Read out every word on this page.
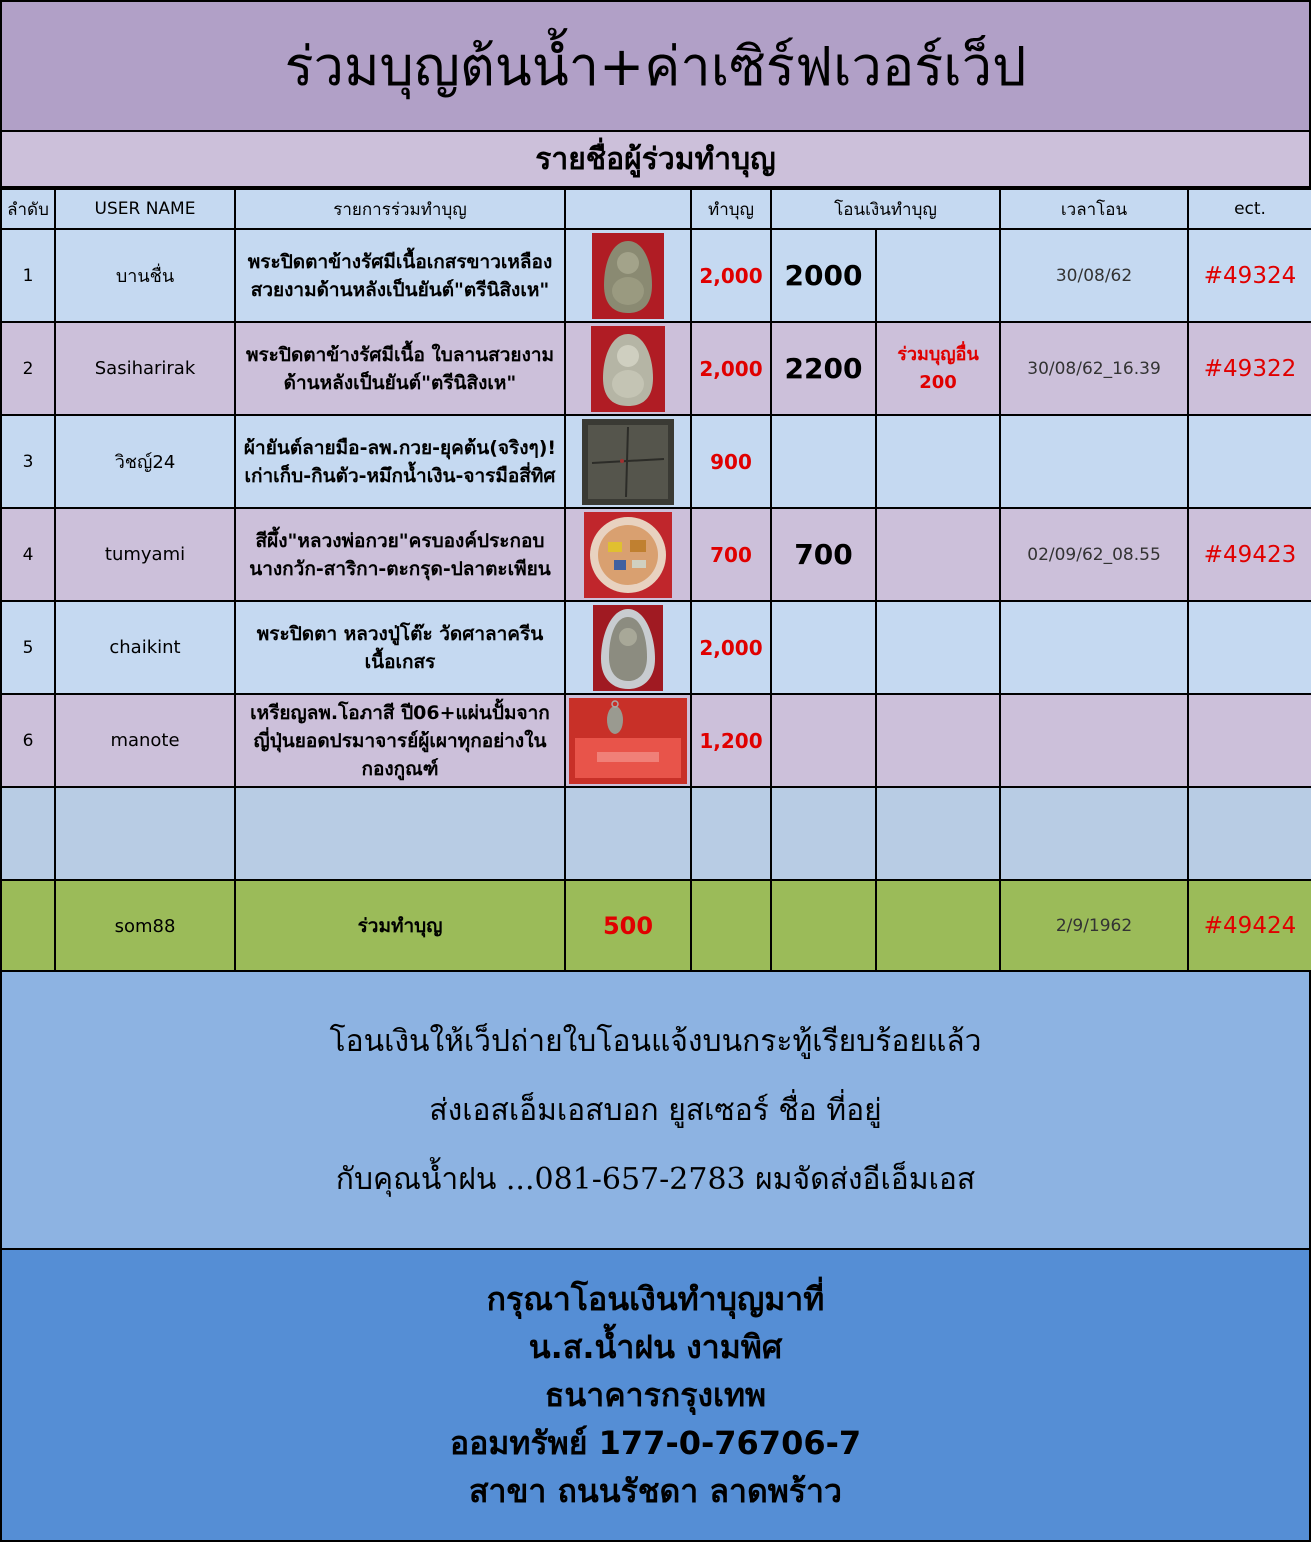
ร่วมบุญต้นน้ำ+ค่าเซิร์ฟเวอร์เว็ป
รายชื่อผู้ร่วมทำบุญ
ลำดับ	USER NAME	รายการร่วมทำบุญ		ทำบุญ	โอนเงินทำบุญ		เวลาโอน	ect.
1	บานชื่น	พระปิดตาข้างรัศมีเนื้อเกสรขาวเหลืองสวยงามด้านหลังเป็นยันต์"ตรีนิสิงเห"		2,000	2000		30/08/62	#49324
2	Sasiharirak	พระปิดตาข้างรัศมีเนื้อ ใบลานสวยงามด้านหลังเป็นยันต์"ตรีนิสิงเห"		2,000	2200	ร่วมบุญอื่น 200	30/08/62_16.39	#49322
3	วิชญ์24	ผ้ายันต์ลายมือ-ลพ.กวย-ยุคต้น(จริงๆ)!เก่าเก็บ-กินตัว-หมึกน้ำเงิน-จารมือสี่ทิศ		900				
4	tumyami	สีผึ้ง"หลวงพ่อกวย"ครบองค์ประกอบนางกวัก-สาริกา-ตะกรุด-ปลาตะเพียน		700	700		02/09/62_08.55	#49423
5	chaikint	พระปิดตา หลวงปู่โต๊ะ วัดศาลาครีนเนื้อเกสร		2,000				
6	manote	เหรียญลพ.โอภาสี ปี06+แผ่นปั้มจากญี่ปุ่นยอดปรมาจารย์ผู้เผาทุกอย่างในกองกูณฑ์		1,200				

	som88	ร่วมทำบุญ	500				2/9/1962	#49424
โอนเงินให้เว็ปถ่ายใบโอนแจ้งบนกระทู้เรียบร้อยแล้ว
ส่งเอสเอ็มเอสบอก ยูสเซอร์ ชื่อ ที่อยู่
กับคุณน้ำฝน ...081-657-2783 ผมจัดส่งอีเอ็มเอส
กรุณาโอนเงินทำบุญมาที่
น.ส.น้ำฝน งามพิศ
ธนาคารกรุงเทพ
ออมทรัพย์ 177-0-76706-7
สาขา ถนนรัชดา ลาดพร้าว
